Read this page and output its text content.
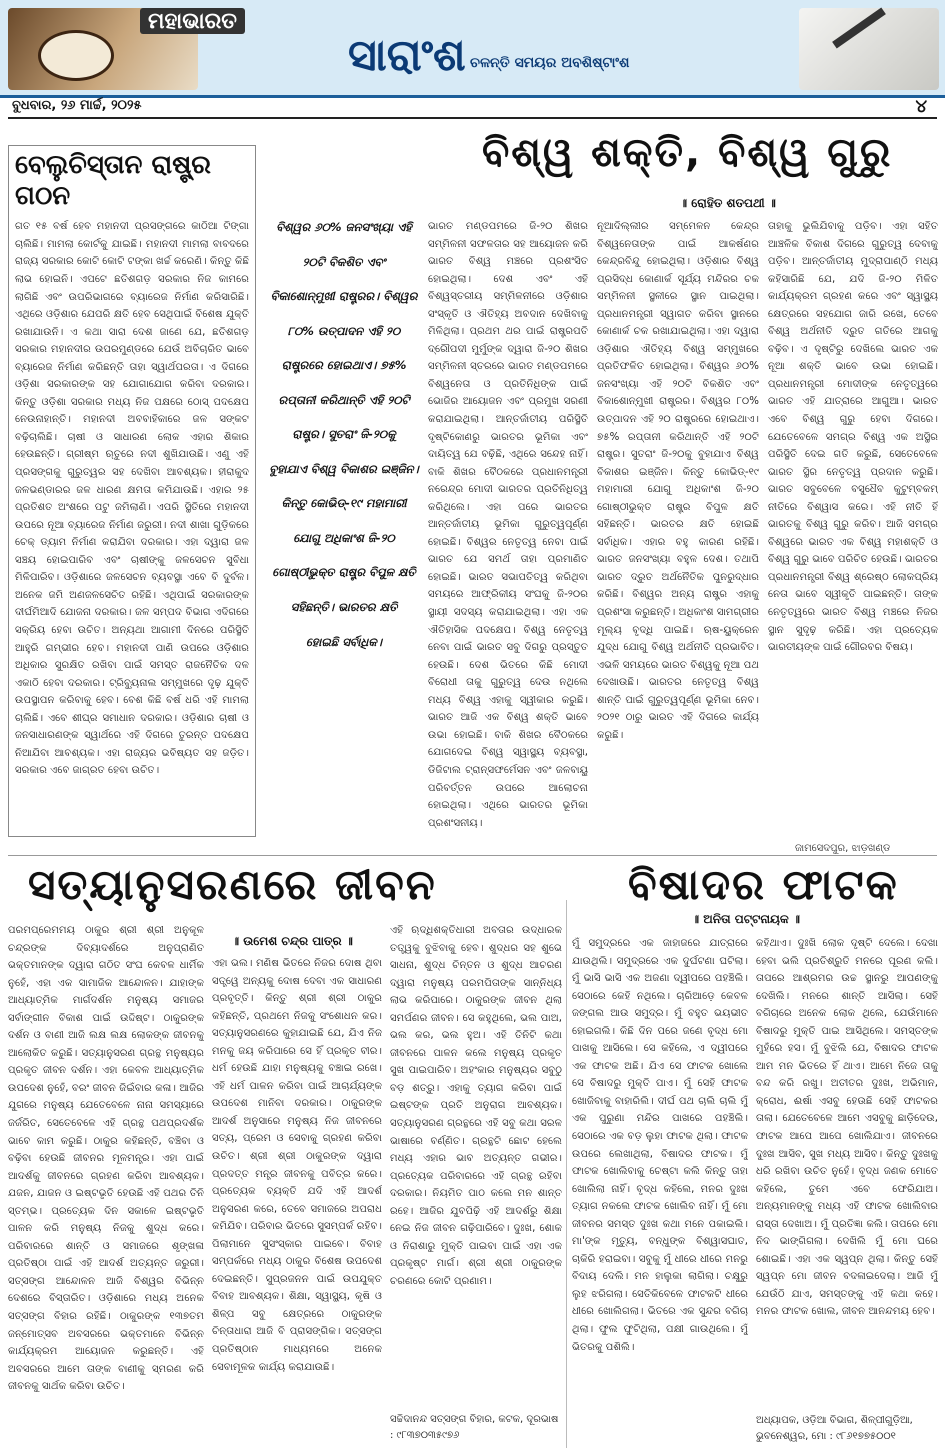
ମହାଭାରତ
ସାରାଂଶ ଚଳନ୍ତି ସମୟର ଅବଶିଷ୍ଟାଂଶ
ବୁଧବାର, ୨୬ ମାର୍ଚ୍ଚ, ୨୦୨୫	୪
ବେଲୁଚିସ୍ତାନ ରାଷ୍ଟ୍ର ଗଠନ
ଗତ ୧୫ ବର୍ଷ ହେବ ମହାନଦୀ ପ୍ରସଙ୍ଗରେ କାଠିଆ ଟିଙ୍ଗା ଚାଲିଛି। ମାମଲା କୋର୍ଟକୁ ଯାଇଛି। ମହାନଦୀ ମାମଲା ବାବଦରେ ରାଜ୍ୟ ସରକାର କୋଟି କୋଟି ଟଙ୍କା ଖର୍ଚ୍ଚ କରେଣି। କିନ୍ତୁ କିଛି ଲାଭ ହୋଇନି। ଏପଟେ ଛତିଶଗଡ଼ ସରକାର ନିଜ କାମରେ ଲାଗିଛି ଏବଂ ଉପରିଭାଗରେ ବ୍ୟାରେଜ ନିର୍ମାଣ କରିସାରିଛି। ଏଥିରେ ଓଡ଼ିଶାର ଯେପରି କ୍ଷତି ହେବ ସେଥିପାଇଁ ବିଶେଷ ଯୁକ୍ତି ରଖାଯାଉନି। ଏ କଥା ସାରା ଦେଶ ଜାଣେ ଯେ, ଛତିଶଗଡ଼ ସରକାର ମହାନଦୀର ଉପରମୁଣ୍ଡରେ ଯେଉଁ ଅବିଚାରିତ ଭାବେ ବ୍ୟାରେଜ ନିର୍ମାଣ କରିଛନ୍ତି ତାହା ସ୍ୱାର୍ଥପରତା। ଏ ଦିଗରେ ଓଡ଼ିଶା ସରକାରଙ୍କ ସହ ଯୋଗାଯୋଗ କରିବା ଦରକାର। କିନ୍ତୁ ଓଡ଼ିଶା ସରକାର ମଧ୍ୟ ନିଜ ପକ୍ଷରେ ଠୋସ୍ ପଦକ୍ଷେପ ନେଉନାହାନ୍ତି। ମହାନଦୀ ଅବବାହିକାରେ ଜଳ ସଙ୍କଟ ବଢ଼ିଚାଲିଛି। ଚାଷୀ ଓ ସାଧାରଣ ଲୋକ ଏହାର ଶିକାର ହେଉଛନ୍ତି। ଗ୍ରୀଷ୍ମ ଋତୁରେ ନଦୀ ଶୁଖିଯାଉଛି। ଏଣୁ ଏହି ପ୍ରସଙ୍ଗକୁ ଗୁରୁତ୍ୱର ସହ ଦେଖିବା ଆବଶ୍ୟକ। ହୀରାକୁଦ ଜଳଭଣ୍ଡାରର ଜଳ ଧାରଣ କ୍ଷମତା କମିଯାଉଛି। ଏହାର ୨୫ ପ୍ରତିଶତ ଅଂଶରେ ପଟୁ ଜମିଲାଣି। ଏପରି ସ୍ଥିତିରେ ମହାନଦୀ ଉପରେ ନୂଆ ବ୍ୟାରେଜ ନିର୍ମାଣ ଜରୁରୀ। ନଦୀ ଶାଖା ଗୁଡ଼ିକରେ ଚେକ୍ ଡ୍ୟାମ ନିର୍ମାଣ କରାଯିବା ଦରକାର। ଏହା ଦ୍ୱାରା ଜଳ ସଞ୍ଚୟ ହୋଇପାରିବ ଏବଂ ଚାଷୀଙ୍କୁ ଜଳସେଚନ ସୁବିଧା ମିଳିପାରିବ। ଓଡ଼ିଶାରେ ଜଳସେଚନ ବ୍ୟବସ୍ଥା ଏବେ ବି ଦୁର୍ବଳ। ଅନେକ ଜମି ଅଣଜଳସେଚିତ ରହିଛି। ଏଥିପାଇଁ ସରକାରଙ୍କ ଦୀର୍ଘମିଆଦି ଯୋଜନା ଦରକାର। ଜଳ ସମ୍ପଦ ବିଭାଗ ଏଦିଗରେ ସକ୍ରିୟ ହେବା ଉଚିତ। ଅନ୍ୟଥା ଆଗାମୀ ଦିନରେ ପରିସ୍ଥିତି ଆହୁରି ଗମ୍ଭୀର ହେବ। ମହାନଦୀ ପାଣି ଉପରେ ଓଡ଼ିଶାର ଅଧିକାର ସୁରକ୍ଷିତ ରଖିବା ପାଇଁ ସମସ୍ତ ରାଜନୈତିକ ଦଳ ଏକାଠି ହେବା ଦରକାର। ଟ୍ରିବ୍ୟୁନାଲ ସମ୍ମୁଖରେ ଦୃଢ଼ ଯୁକ୍ତି ଉପସ୍ଥାପନ କରିବାକୁ ହେବ। ବେଶ କିଛି ବର୍ଷ ଧରି ଏହି ମାମଲା ଚାଲିଛି। ଏବେ ଶୀଘ୍ର ସମାଧାନ ଦରକାର। ଓଡ଼ିଶାର ଚାଷୀ ଓ ଜନସାଧାରଣଙ୍କ ସ୍ୱାର୍ଥରେ ଏହି ଦିଗରେ ତୁରନ୍ତ ପଦକ୍ଷେପ ନିଆଯିବା ଆବଶ୍ୟକ। ଏହା ରାଜ୍ୟର ଭବିଷ୍ୟତ ସହ ଜଡ଼ିତ। ସରକାର ଏବେ ଜାଗ୍ରତ ହେବା ଉଚିତ।

ବିଶ୍ୱର ୬୦% ଜନସଂଖ୍ୟା ଏହି

୨୦ଟି ବିକଶିତ ଏବଂ

ବିକାଶୋନ୍ମୁଖୀ ରାଷ୍ଟ୍ରର। ବିଶ୍ୱର

୮୦% ଉତ୍ପାଦନ ଏହି ୨୦

ରାଷ୍ଟ୍ରରେ ହୋଇଥାଏ। ୭୫%

ରପ୍ତାନୀ କରିଥାନ୍ତି ଏହି ୨୦ଟି

ରାଷ୍ଟ୍ର। ସୁତରାଂ ଜି-୨୦କୁ

ବୁହାଯାଏ ବିଶ୍ୱ ବିକାଶର ଇଞ୍ଜିନ।

କିନ୍ତୁ କୋଭିଡ୍-୧୯ ମହାମାରୀ

ଯୋଗୁ ଅଧିକାଂଶ ଜି-୨୦

ଗୋଷ୍ଠୀଭୁକ୍ତ ରାଷ୍ଟ୍ର ବିପୁଳ କ୍ଷତି

ସହିଛନ୍ତି। ଭାରତର କ୍ଷତି

ହୋଇଛି ସର୍ବାଧିକ।

ବିଶ୍ୱ ଶକ୍ତି, ବିଶ୍ୱ ଗୁରୁ
॥ ରୋହିତ ଶତପଥୀ ॥
ଭାରତ ମଣ୍ଡପମରେ ଜି-୨୦ ଶିଖର ସମ୍ମିଳନୀ ସଫଳତାର ସହ ଆୟୋଜନ କରି ଭାରତ ବିଶ୍ୱ ମଞ୍ଚରେ ପ୍ରଶଂସିତ ହୋଇଥିଲା। ଦେଶ ଏବଂ ଏହି ବିଶ୍ୱସ୍ତରୀୟ ସମ୍ମିଳନୀରେ ଓଡ଼ିଶାର ସଂସ୍କୃତି ଓ ଐତିହ୍ୟ ଅବଦାନ ଦେଖିବାକୁ ମିଳିଥିଲା। ପ୍ରଥମ ଥର ପାଇଁ ରାଷ୍ଟ୍ରପତି ଦ୍ରୌପଦୀ ମୁର୍ମୁଙ୍କ ଦ୍ୱାରା ଜି-୨୦ ଶିଖର ସମ୍ମିଳନୀ ସ୍ତରରେ ଭାରତ ମଣ୍ଡପମରେ ବିଶ୍ୱନେତା ଓ ପ୍ରତିନିଧିଙ୍କ ପାଇଁ ଭୋଜିର ଆୟୋଜନ ଏବଂ ପ୍ରମୁଖ ସରଣୀ କରାଯାଇଥିଲା। ଆନ୍ତର୍ଜାତୀୟ ପରିସ୍ଥିତି ଦୃଷ୍ଟିକୋଣରୁ ଭାରତର ଭୂମିକା ଏବଂ ଦାୟିତ୍ୱ ଯେ ବଢ଼ିଛି, ଏଥିରେ ସନ୍ଦେହ ନାହିଁ। ବାକି ଶିଖର ବୈଠକରେ ପ୍ରଧାନମନ୍ତ୍ରୀ ନରେନ୍ଦ୍ର ମୋଦୀ ଭାରତର ପ୍ରତିନିଧିତ୍ୱ କରିଥିଲେ। ଏହା ପରେ ଭାରତର ଆନ୍ତର୍ଜାତୀୟ ଭୂମିକା ଗୁରୁତ୍ୱପୂର୍ଣ୍ଣ ହୋଇଛି। ବିଶ୍ୱର ନେତୃତ୍ୱ ନେବା ପାଇଁ ଭାରତ ଯେ ସମର୍ଥ ତାହା ପ୍ରମାଣିତ ହୋଇଛି। ଭାରତ ସଭାପତିତ୍ୱ କରିଥିବା ସମୟରେ ଆଫ୍ରିକୀୟ ସଂଘକୁ ଜି-୨୦ର ସ୍ଥାୟୀ ସଦସ୍ୟ କରାଯାଇଥିଲା। ଏହା ଏକ ଐତିହାସିକ ପଦକ୍ଷେପ। ବିଶ୍ୱ ନେତୃତ୍ୱ ନେବା ପାଇଁ ଭାରତ ସବୁ ଦିଗରୁ ପ୍ରସ୍ତୁତ ହେଉଛି। ଦେଶ ଭିତରେ କିଛି ମୋଦୀ ବିରୋଧୀ ତାକୁ ଗୁରୁତ୍ୱ ଦେଉ ନଥିଲେ ମଧ୍ୟ ବିଶ୍ୱ ଏହାକୁ ସ୍ୱୀକାର କରୁଛି। ଭାରତ ଆଜି ଏକ ବିଶ୍ୱ ଶକ୍ତି ଭାବେ ଉଭା ହୋଇଛି। ବାକି ଶିଖର ବୈଠକରେ ଯୋଗଦେଇ ବିଶ୍ୱ ସ୍ୱାସ୍ଥ୍ୟ ବ୍ୟବସ୍ଥା, ଡିଜିଟାଲ ଟ୍ରାନ୍ସଫର୍ମେସନ ଏବଂ ଜଳବାୟୁ ପରିବର୍ତ୍ତନ ଉପରେ ଆଲୋଚନା ହୋଇଥିଲା। ଏଥିରେ ଭାରତର ଭୂମିକା ପ୍ରଶଂସନୀୟ।
ନୂଆଦିଲ୍ଲୀର ସମ୍ମେଳନ କେନ୍ଦ୍ର ବିଶ୍ୱନେତାଙ୍କ ପାଇଁ ଆକର୍ଷଣର କେନ୍ଦ୍ରବିନ୍ଦୁ ହୋଇଥିଲା। ଓଡ଼ିଶାର ବିଶ୍ୱ ପ୍ରସିଦ୍ଧ କୋଣାର୍କ ସୂର୍ଯ୍ୟ ମନ୍ଦିରର ଚକ ସମ୍ମିଳନୀ ସ୍ଥଳୀରେ ସ୍ଥାନ ପାଇଥିଲା। ପ୍ରଧାନମନ୍ତ୍ରୀ ସ୍ୱାଗତ କରିବା ସ୍ଥାନରେ କୋଣାର୍କ ଚକ ରଖାଯାଇଥିଲା। ଏହା ଦ୍ୱାରା ଓଡ଼ିଶାର ଐତିହ୍ୟ ବିଶ୍ୱ ସମ୍ମୁଖରେ ପ୍ରତିଫଳିତ ହୋଇଥିଲା। ବିଶ୍ୱର ୬୦% ଜନସଂଖ୍ୟା ଏହି ୨୦ଟି ବିକଶିତ ଏବଂ ବିକାଶୋନ୍ମୁଖୀ ରାଷ୍ଟ୍ରର। ବିଶ୍ୱର ୮୦% ଉତ୍ପାଦନ ଏହି ୨୦ ରାଷ୍ଟ୍ରରେ ହୋଇଥାଏ। ୭୫% ରପ୍ତାନୀ କରିଥାନ୍ତି ଏହି ୨୦ଟି ରାଷ୍ଟ୍ର। ସୁତରାଂ ଜି-୨୦କୁ ବୁହାଯାଏ ବିଶ୍ୱ ବିକାଶର ଇଞ୍ଜିନ। କିନ୍ତୁ କୋଭିଡ୍-୧୯ ମହାମାରୀ ଯୋଗୁ ଅଧିକାଂଶ ଜି-୨୦ ଗୋଷ୍ଠୀଭୁକ୍ତ ରାଷ୍ଟ୍ର ବିପୁଳ କ୍ଷତି ସହିଛନ୍ତି। ଭାରତର କ୍ଷତି ହୋଇଛି ସର୍ବାଧିକ। ଏହାର ବହୁ କାରଣ ରହିଛି। ଭାରତ ଜନସଂଖ୍ୟା ବହୁଳ ଦେଶ। ତଥାପି ଭାରତ ଦ୍ରୁତ ଅର୍ଥନୈତିକ ପୁନରୁଦ୍ଧାର କରିଛି। ବିଶ୍ୱର ଅନ୍ୟ ରାଷ୍ଟ୍ର ଏହାକୁ ପ୍ରଶଂସା କରୁଛନ୍ତି। ଅଧିକାଂଶ ସାମଗ୍ରୀର ମୂଲ୍ୟ ବୃଦ୍ଧି ପାଇଛି। ଋଷ-ୟୁକ୍ରେନ ଯୁଦ୍ଧ ଯୋଗୁ ବିଶ୍ୱ ଅର୍ଥନୀତି ପ୍ରଭାବିତ। ଏଭଳି ସମୟରେ ଭାରତ ବିଶ୍ୱକୁ ନୂଆ ପଥ ଦେଖାଉଛି। ଭାରତର ନେତୃତ୍ୱ ବିଶ୍ୱ ଶାନ୍ତି ପାଇଁ ଗୁରୁତ୍ୱପୂର୍ଣ୍ଣ ଭୂମିକା ନେବ। ୨୦୨୧ ଠାରୁ ଭାରତ ଏହି ଦିଗରେ କାର୍ଯ୍ୟ କରୁଛି।
ତାହାକୁ ଭୁଲିଯିବାକୁ ପଡ଼ିବ। ଏହା ସହିତ ଆଞ୍ଚଳିକ ବିକାଶ ଦିଗରେ ଗୁରୁତ୍ୱ ଦେବାକୁ ପଡ଼ିବ। ଆନ୍ତର୍ଜାତୀୟ ମୁଦ୍ରାପାଣ୍ଠି ମଧ୍ୟ କହିସାରିଛି ଯେ, ଯଦି ଜି-୨୦ ମିଳିତ କାର୍ଯ୍ୟକ୍ରମ ଗ୍ରହଣ କରେ ଏବଂ ସ୍ୱାସ୍ଥ୍ୟ କ୍ଷେତ୍ରରେ ସହଯୋଗ ଜାରି ରଖେ, ତେବେ ବିଶ୍ୱ ଅର୍ଥନୀତି ଦ୍ରୁତ ଗତିରେ ଆଗକୁ ବଢ଼ିବ। ଏ ଦୃଷ୍ଟିରୁ ଦେଖିଲେ ଭାରତ ଏକ ନୂଆ ଶକ୍ତି ଭାବେ ଉଭା ହୋଇଛି। ପ୍ରଧାନମନ୍ତ୍ରୀ ମୋଦୀଙ୍କ ନେତୃତ୍ୱରେ ଭାରତ ଏହି ଯାତ୍ରାରେ ଆଗୁଆ। ଭାରତ ଏବେ ବିଶ୍ୱ ଗୁରୁ ହେବା ଦିଗରେ। ଯେତେବେଳେ ସମଗ୍ର ବିଶ୍ୱ ଏକ ଅସ୍ଥିର ପରିସ୍ଥିତି ଦେଇ ଗତି କରୁଛି, ସେତେବେଳେ ଭାରତ ସ୍ଥିର ନେତୃତ୍ୱ ପ୍ରଦାନ କରୁଛି। ଭାରତ ସବୁବେଳେ ବସୁଧୈବ କୁଟୁମ୍ବକମ୍ ନୀତିରେ ବିଶ୍ୱାସ କରେ। ଏହି ନୀତି ହିଁ ଭାରତକୁ ବିଶ୍ୱ ଗୁରୁ କରିବ। ଆଜି ସମଗ୍ର ବିଶ୍ୱରେ ଭାରତ ଏକ ବିଶ୍ୱ ମହାଶକ୍ତି ଓ ବିଶ୍ୱ ଗୁରୁ ଭାବେ ପରିଚିତ ହେଉଛି। ଭାରତର ପ୍ରଧାନମନ୍ତ୍ରୀ ବିଶ୍ୱ ଶ୍ରେଷ୍ଠ ଲୋକପ୍ରିୟ ନେତା ଭାବେ ସ୍ୱୀକୃତି ପାଇଛନ୍ତି। ତାଙ୍କ ନେତୃତ୍ୱରେ ଭାରତ ବିଶ୍ୱ ମଞ୍ଚରେ ନିଜର ସ୍ଥାନ ସୁଦୃଢ଼ କରିଛି। ଏହା ପ୍ରତ୍ୟେକ ଭାରତୀୟଙ୍କ ପାଇଁ ଗୌରବର ବିଷୟ।
ଜାମସେଦପୁର, ଝାଡ଼ଖଣ୍ଡ
ସତ୍ୟାନୁସରଣରେ ଜୀବନ
॥ ଉମେଶ ଚନ୍ଦ୍ର ପାତ୍ର ॥
ପରମପ୍ରେମମୟ ଠାକୁର ଶ୍ରୀ ଶ୍ରୀ ଅନୁକୂଳ ଚନ୍ଦ୍ରଙ୍କ ଦିବ୍ୟାଦର୍ଶରେ ଅନୁପ୍ରାଣିତ ଭକ୍ତମାନଙ୍କ ଦ୍ୱାରା ଗଠିତ ସଂଘ କେବଳ ଧାର୍ମିକ ନୁହେଁ, ଏହା ଏକ ସାମାଜିକ ଆନ୍ଦୋଳନ। ଯାହାଙ୍କ ଆଧ୍ୟାତ୍ମିକ ମାର୍ଗଦର୍ଶନ ମନୁଷ୍ୟ ସମାଜର ସର୍ବାଙ୍ଗୀନ ବିକାଶ ପାଇଁ ଉଦ୍ଦିଷ୍ଟ। ଠାକୁରଙ୍କ ଦର୍ଶନ ଓ ବାଣୀ ଆଜି ଲକ୍ଷ ଲକ୍ଷ ଲୋକଙ୍କ ଜୀବନକୁ ଆଲୋକିତ କରୁଛି। ସତ୍ୟାନୁସରଣ ଗ୍ରନ୍ଥ ମନୁଷ୍ୟର ପ୍ରକୃତ ଜୀବନ ଦର୍ଶନ। ଏହା କେବଳ ଆଧ୍ୟାତ୍ମିକ ଉପଦେଶ ନୁହେଁ, ବରଂ ଜୀବନ ଜିଇଁବାର କଳା। ଆଜିର ଯୁଗରେ ମନୁଷ୍ୟ ଯେତେବେଳେ ନାନା ସମସ୍ୟାରେ ଜର୍ଜରିତ, ସେତେବେଳେ ଏହି ଗ୍ରନ୍ଥ ପଥପ୍ରଦର୍ଶକ ଭାବେ କାମ କରୁଛି। ଠାକୁର କହିଛନ୍ତି, ବଞ୍ଚିବା ଓ ବଢ଼ିବା ହେଉଛି ଜୀବନର ମୂଳମନ୍ତ୍ର। ଏହା ପାଇଁ ଆଦର୍ଶକୁ ଜୀବନରେ ଗ୍ରହଣ କରିବା ଆବଶ୍ୟକ। ଯଜନ, ଯାଜନ ଓ ଇଷ୍ଟଭୃତି ହେଉଛି ଏହି ପଥର ତିନି ସ୍ତମ୍ଭ। ପ୍ରତ୍ୟେକ ଦିନ ସକାଳେ ଇଷ୍ଟଭୃତି ପାଳନ କରି ମନୁଷ୍ୟ ନିଜକୁ ଶୁଦ୍ଧ କରେ। ପରିବାରରେ ଶାନ୍ତି ଓ ସମାଜରେ ଶୃଙ୍ଖଳା ପ୍ରତିଷ୍ଠା ପାଇଁ ଏହି ଆଦର୍ଶ ଅତ୍ୟନ୍ତ ଜରୁରୀ। ସତ୍ସଙ୍ଗ ଆନ୍ଦୋଳନ ଆଜି ବିଶ୍ୱର ବିଭିନ୍ନ ଦେଶରେ ବିସ୍ତାରିତ। ଓଡ଼ିଶାରେ ମଧ୍ୟ ଅନେକ ସତ୍ସଙ୍ଗ ବିହାର ରହିଛି। ଠାକୁରଙ୍କ ୧୩୭ତମ ଜନ୍ମୋତ୍ସବ ଅବସରରେ ଭକ୍ତମାନେ ବିଭିନ୍ନ କାର୍ଯ୍ୟକ୍ରମ ଆୟୋଜନ କରୁଛନ୍ତି। ଏହି ଅବସରରେ ଆମେ ତାଙ୍କ ବାଣୀକୁ ସ୍ମରଣ କରି ଜୀବନକୁ ସାର୍ଥକ କରିବା ଉଚିତ।
ଏହା ଭଲ। ମଣିଷ ଭିତରେ ନିଜର ଦୋଷ ଥିବା ସତ୍ତ୍ୱେ ଅନ୍ୟକୁ ଦୋଷ ଦେବା ଏକ ସାଧାରଣ ପ୍ରବୃତ୍ତି। କିନ୍ତୁ ଶ୍ରୀ ଶ୍ରୀ ଠାକୁର କହିଛନ୍ତି, ପ୍ରଥମେ ନିଜକୁ ସଂଶୋଧନ କର। ସତ୍ୟାନୁସରଣରେ କୁହାଯାଇଛି ଯେ, ଯିଏ ନିଜ ମନକୁ ଜୟ କରିପାରେ ସେ ହିଁ ପ୍ରକୃତ ବୀର। ଧର୍ମ ହେଉଛି ଯାହା ମନୁଷ୍ୟକୁ ବଞ୍ଚାଇ ରଖେ। ଏହି ଧର୍ମ ପାଳନ କରିବା ପାଇଁ ଆଚାର୍ଯ୍ୟଙ୍କ ଉପଦେଶ ମାନିବା ଦରକାର। ଠାକୁରଙ୍କ ଆଦର୍ଶ ଅନୁସାରେ ମନୁଷ୍ୟ ନିଜ ଜୀବନରେ ସତ୍ୟ, ପ୍ରେମ ଓ ସେବାକୁ ଗ୍ରହଣ କରିବା ଉଚିତ। ଶ୍ରୀ ଶ୍ରୀ ଠାକୁରଙ୍କ ଦ୍ୱାରା ପ୍ରଦତ୍ତ ମନ୍ତ୍ର ଜୀବନକୁ ପବିତ୍ର କରେ। ପ୍ରତ୍ୟେକ ବ୍ୟକ୍ତି ଯଦି ଏହି ଆଦର୍ଶ ଅନୁସରଣ କରେ, ତେବେ ସମାଜରେ ଅପରାଧ କମିଯିବ। ପରିବାର ଭିତରେ ସୁସମ୍ପର୍କ ରହିବ। ପିଲାମାନେ ସୁସଂସ୍କାର ପାଇବେ। ବିବାହ ସମ୍ପର୍କରେ ମଧ୍ୟ ଠାକୁର ବିଶେଷ ଉପଦେଶ ଦେଇଛନ୍ତି। ସୁପ୍ରଜନନ ପାଇଁ ଉପଯୁକ୍ତ ବିବାହ ଆବଶ୍ୟକ। ଶିକ୍ଷା, ସ୍ୱାସ୍ଥ୍ୟ, କୃଷି ଓ ଶିଳ୍ପ ସବୁ କ୍ଷେତ୍ରରେ ଠାକୁରଙ୍କ ଚିନ୍ତାଧାରା ଆଜି ବି ପ୍ରାସଙ୍ଗିକ। ସତ୍ସଙ୍ଗ ପ୍ରତିଷ୍ଠାନ ମାଧ୍ୟମରେ ଅନେକ ସେବାମୂଳକ କାର୍ଯ୍ୟ କରାଯାଉଛି।
ଏହି ଋଦ୍ଧିଶକ୍ତିଧାରୀ ଅବତାର ଉଦ୍ଧାରକ ତତ୍ତ୍ୱକୁ ବୁଝିବାକୁ ହେବ। ଶୁଦ୍ଧର ସହ ଶୁଭେ ସାଧନା, ଶୁଦ୍ଧ ଚିନ୍ତନ ଓ ଶୁଦ୍ଧ ଆଚରଣ ଦ୍ୱାରା ମନୁଷ୍ୟ ପରମପିତାଙ୍କ ସାନ୍ନିଧ୍ୟ ଲାଭ କରିପାରେ। ଠାକୁରଙ୍କ ଜୀବନ ଥିଲା ସମର୍ପଣର ଜୀବନ। ସେ କହୁଥିଲେ, ଭଲ ପାଅ, ଭଲ କର, ଭଲ ହୁଅ। ଏହି ତିନିଟି କଥା ଜୀବନରେ ପାଳନ କଲେ ମନୁଷ୍ୟ ପ୍ରକୃତ ସୁଖ ପାଇପାରିବ। ଅହଂକାର ମନୁଷ୍ୟର ସବୁଠୁ ବଡ଼ ଶତ୍ରୁ। ଏହାକୁ ତ୍ୟାଗ କରିବା ପାଇଁ ଇଷ୍ଟଙ୍କ ପ୍ରତି ଅନୁରାଗ ଆବଶ୍ୟକ। ସତ୍ୟାନୁସରଣ ଗ୍ରନ୍ଥରେ ଏହି ସବୁ କଥା ସରଳ ଭାଷାରେ ବର୍ଣ୍ଣିତ। ଗ୍ରନ୍ଥଟି ଛୋଟ ହେଲେ ମଧ୍ୟ ଏହାର ଭାବ ଅତ୍ୟନ୍ତ ଗଭୀର। ପ୍ରତ୍ୟେକ ପରିବାରରେ ଏହି ଗ୍ରନ୍ଥ ରହିବା ଦରକାର। ନିୟମିତ ପାଠ କଲେ ମନ ଶାନ୍ତ ରହେ। ଆଜିର ଯୁବପିଢ଼ି ଏହି ଆଦର୍ଶରୁ ଶିକ୍ଷା ନେଇ ନିଜ ଜୀବନ ଗଢ଼ିପାରିବେ। ଦୁଃଖ, ଶୋକ ଓ ନିରାଶାରୁ ମୁକ୍ତି ପାଇବା ପାଇଁ ଏହା ଏକ ପ୍ରକୃଷ୍ଟ ମାର୍ଗ। ଶ୍ରୀ ଶ୍ରୀ ଠାକୁରଙ୍କ ଚରଣରେ କୋଟି ପ୍ରଣାମ।
ସଚ୍ଚିଦାନନ୍ଦ ସତ୍ସଙ୍ଗ ବିହାର, କଟକ, ଦୂରଭାଷ : ୯୮୩୭୦୩୫୯୭୬
ବିଷାଦର ଫାଟକ
॥ ଅନିତା ପଟ୍ଟନାୟକ ॥
ମୁଁ ସମୁଦ୍ରରେ ଏକ ଜାହାଜରେ ଯାତ୍ରାରେ ଯାଉଥିଲି। ସମୁଦ୍ରରେ ଏକ ଦୁର୍ଘଟଣା ଘଟିଲା। ମୁଁ ଭାସି ଭାସି ଏକ ଅଜଣା ଦ୍ୱୀପରେ ପହଞ୍ଚିଲି। ସେଠାରେ କେହି ନଥିଲେ। ଚାରିଆଡ଼େ କେବଳ ଜଙ୍ଗଲ ଆଉ ସମୁଦ୍ର। ମୁଁ ବହୁତ ଭୟଭୀତ ହୋଇଗଲି। କିଛି ଦିନ ପରେ ଜଣେ ବୃଦ୍ଧ ମୋ ପାଖକୁ ଆସିଲେ। ସେ କହିଲେ, ଏ ଦ୍ୱୀପରେ ଏକ ଫାଟକ ଅଛି। ଯିଏ ସେ ଫାଟକ ଖୋଲେ ସେ ବିଷାଦରୁ ମୁକ୍ତି ପାଏ। ମୁଁ ସେହି ଫାଟକ ଖୋଜିବାକୁ ବାହାରିଲି। ଦୀର୍ଘ ପଥ ଚାଲି ଚାଲି ମୁଁ ଏକ ପୁରୁଣା ମନ୍ଦିର ପାଖରେ ପହଞ୍ଚିଲି। ସେଠାରେ ଏକ ବଡ଼ ଲୁହା ଫାଟକ ଥିଲା। ଫାଟକ ଉପରେ ଲେଖାଥିଲା, ବିଷାଦର ଫାଟକ। ମୁଁ ଫାଟକ ଖୋଲିବାକୁ ଚେଷ୍ଟା କଲି କିନ୍ତୁ ତାହା ଖୋଲିଲା ନାହିଁ। ବୃଦ୍ଧ କହିଲେ, ମନର ଦୁଃଖ ତ୍ୟାଗ ନକଲେ ଫାଟକ ଖୋଲିବ ନାହିଁ। ମୁଁ ମୋ ଜୀବନର ସମସ୍ତ ଦୁଃଖ କଥା ମନେ ପକାଇଲି। ମା'ଙ୍କ ମୃତ୍ୟୁ, ବନ୍ଧୁଙ୍କ ବିଶ୍ୱାସଘାତ, ଚାକିରି ହରାଇବା। ସବୁକୁ ମୁଁ ଧୀରେ ଧୀରେ ମନରୁ ବିଦାୟ ଦେଲି। ମନ ହାଲୁକା ଲାଗିଲା। ଚକ୍ଷୁରୁ ଲୁହ ଝରିଗଲା। ସେତିକିବେଳେ ଫାଟକଟି ଧୀରେ ଧୀରେ ଖୋଲିଗଲା। ଭିତରେ ଏକ ସୁନ୍ଦର ବଗିଚା ଥିଲା। ଫୁଲ ଫୁଟିଥିଲା, ପକ୍ଷୀ ଗାଉଥିଲେ। ମୁଁ ଭିତରକୁ ପଶିଲି।
କହିଥାଏ। ଦୁଃଖି ଲୋକ ଦୃଷ୍ଟି ଦେଲେ। ଦେଖା ହେବା ଭଲି ପ୍ରତିଶ୍ରୁତି ମନରେ ପୂରଣ କଲି। ତାପରେ ଆଶ୍ରମର ଉଚ୍ଚ ସ୍ଥାନରୁ ଆପଣଙ୍କୁ ଦେଖିଲି। ମନରେ ଶାନ୍ତି ଆସିଲା। ସେହି ବଗିଚାରେ ଅନେକ ଲୋକ ଥିଲେ, ଯେଉଁମାନେ ବିଷାଦରୁ ମୁକ୍ତି ପାଇ ଆସିଥିଲେ। ସମସ୍ତଙ୍କ ମୁହଁରେ ହସ। ମୁଁ ବୁଝିଲି ଯେ, ବିଷାଦର ଫାଟକ ଆମ ମନ ଭିତରେ ହିଁ ଥାଏ। ଆମେ ନିଜେ ତାକୁ ବନ୍ଦ କରି ରଖୁ। ଅତୀତର ଦୁଃଖ, ଅଭିମାନ, କ୍ରୋଧ, ଈର୍ଷା ଏସବୁ ହେଉଛି ସେହି ଫାଟକର ତାଲା। ଯେତେବେଳେ ଆମେ ଏସବୁକୁ ଛାଡ଼ିଦେଉ, ଫାଟକ ଆପେ ଆପେ ଖୋଲିଯାଏ। ଜୀବନରେ ଦୁଃଖ ଆସିବ, ସୁଖ ମଧ୍ୟ ଆସିବ। କିନ୍ତୁ ଦୁଃଖକୁ ଧରି ରଖିବା ଉଚିତ ନୁହେଁ। ବୃଦ୍ଧ ଜଣକ ମୋତେ କହିଲେ, ତୁମେ ଏବେ ଫେରିଯାଅ। ଅନ୍ୟମାନଙ୍କୁ ମଧ୍ୟ ଏହି ଫାଟକ ଖୋଲିବାର ରାସ୍ତା ଦେଖାଅ। ମୁଁ ପ୍ରତିଜ୍ଞା କଲି। ତାପରେ ମୋ ନିଦ ଭାଙ୍ଗିଗଲା। ଦେଖିଲି ମୁଁ ମୋ ଘରେ ଶୋଇଛି। ଏହା ଏକ ସ୍ୱପ୍ନ ଥିଲା। କିନ୍ତୁ ସେହି ସ୍ୱପ୍ନ ମୋ ଜୀବନ ବଦଳାଇଦେଲା। ଆଜି ମୁଁ ଯେଉଁଠି ଯାଏ, ସମସ୍ତଙ୍କୁ ଏହି କଥା କହେ। ମନର ଫାଟକ ଖୋଲ, ଜୀବନ ଆନନ୍ଦମୟ ହେବ।
ଅଧ୍ୟାପକ, ଓଡ଼ିଆ ବିଭାଗ, ଶିଳ୍ପୀଗୁଡ଼ିଆ, ଭୁବନେଶ୍ୱର, ମୋ : ୯୮୬୧୭୭୫୦୦୧
